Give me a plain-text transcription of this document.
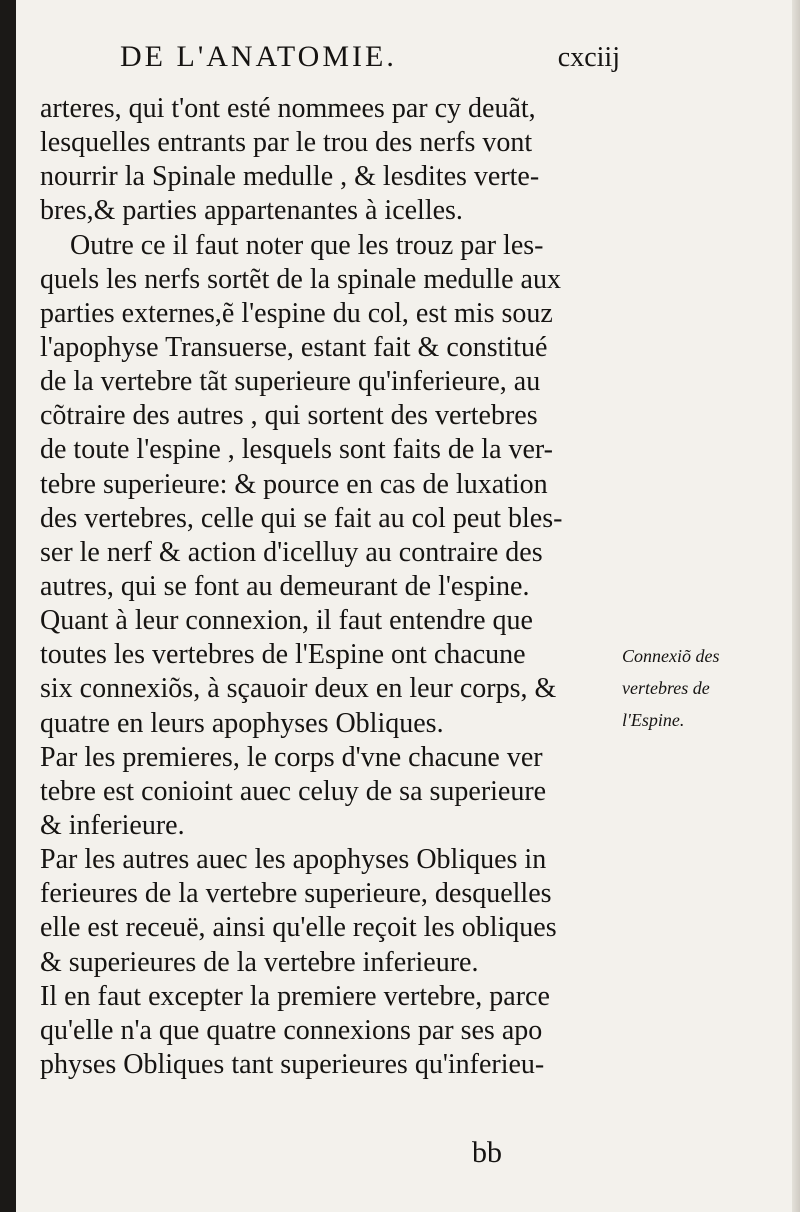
DE L'ANATOMIE.	cxciij
arteres, qui t'ont esté nommees par cy deuãt,
lesquelles entrants par le trou des nerfs vont
nourrir la Spinale medulle , & lesdites verte-
bres,& parties appartenantes à icelles.
Outre ce il faut noter que les trouz par les-
quels les nerfs sortẽt de la spinale medulle aux
parties externes,ẽ l'espine du col, est mis souz
l'apophyse Transuerse, estant fait & constitué
de la vertebre tãt superieure qu'inferieure, au
cõtraire des autres , qui sortent des vertebres
de toute l'espine , lesquels sont faits de la ver-
tebre superieure: & pource en cas de luxation
des vertebres, celle qui se fait au col peut bles-
ser le nerf & action d'icelluy au contraire des
autres, qui se font au demeurant de l'espine.
Quant à leur connexion, il faut entendre que
toutes les vertebres de l'Espine ont chacune
six connexiõs, à sçauoir deux en leur corps, &
quatre en leurs apophyses Obliques.
Par les premieres, le corps d'vne chacune ver
tebre est conioint auec celuy de sa superieure
& inferieure.
Par les autres auec les apophyses Obliques in
ferieures de la vertebre superieure, desquelles
elle est receuë, ainsi qu'elle reçoit les obliques
& superieures de la vertebre inferieure.
Il en faut excepter la premiere vertebre, parce
qu'elle n'a que quatre connexions par ses apo
physes Obliques tant superieures qu'inferieu-
Connexiõ des
vertebres de
l'Espine.
bb
